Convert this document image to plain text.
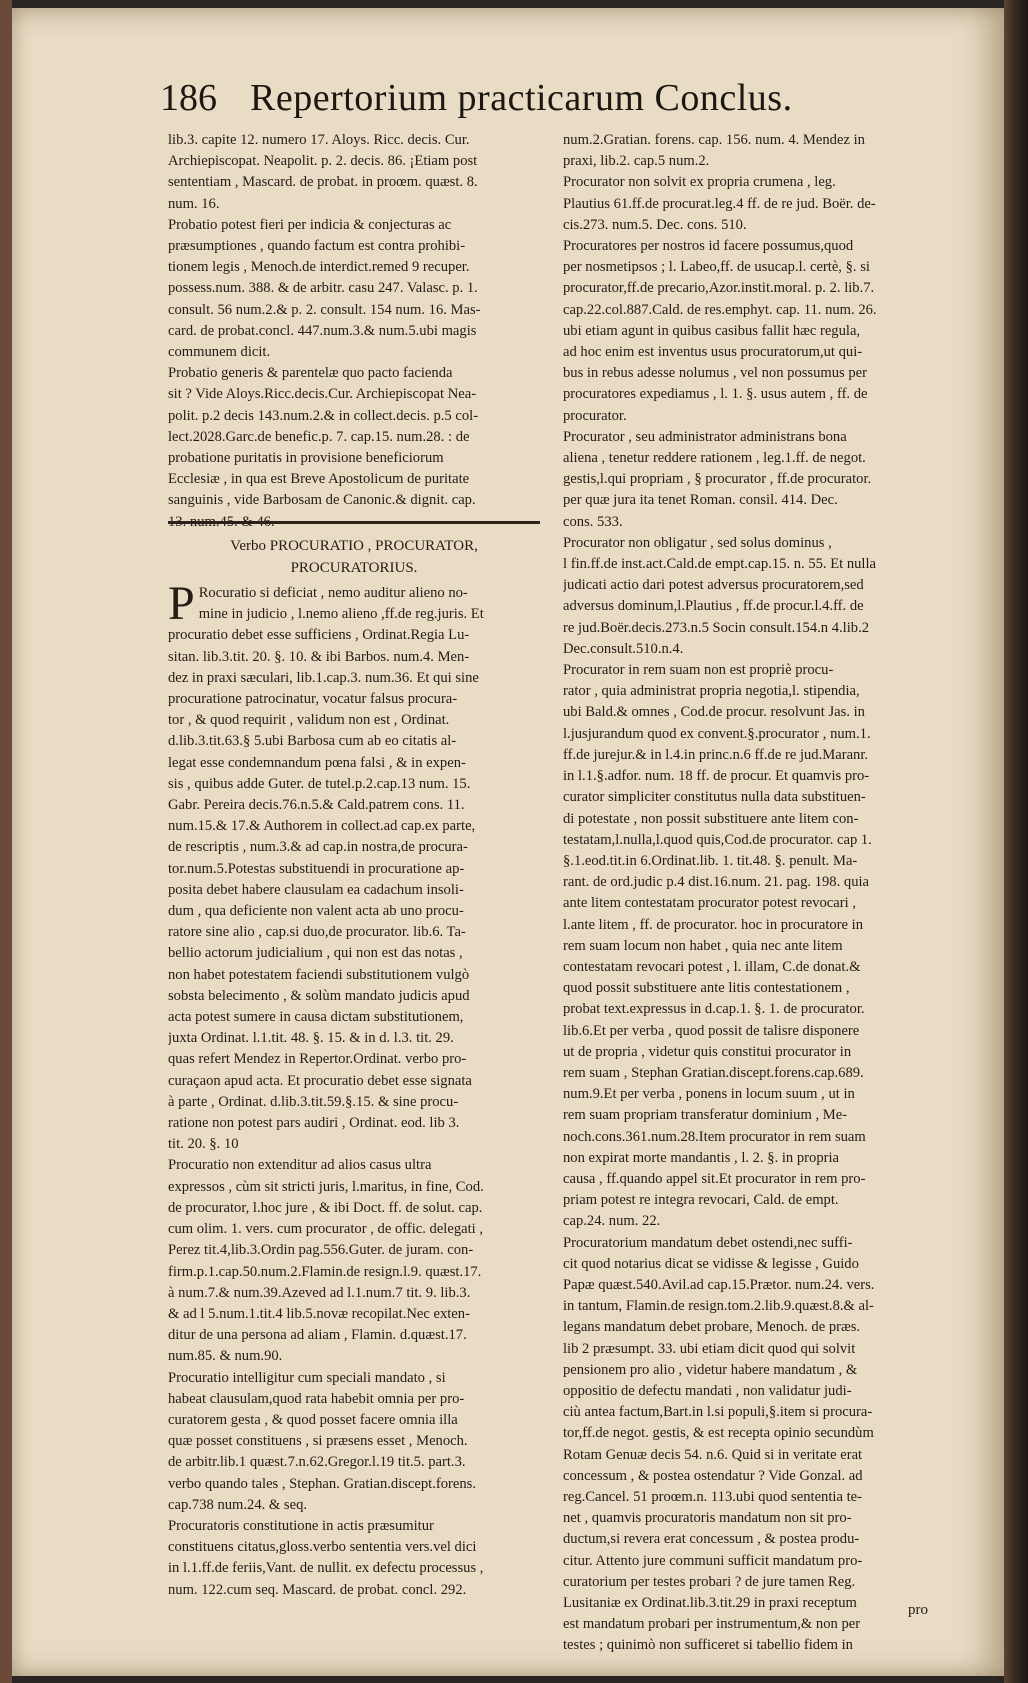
186 Repertorium practicarum Conclus.
lib.3. capite 12. numero 17. Aloys. Ricc. decis. Cur.
Archiepiscopat. Neapolit. p. 2. decis. 86. ¡Etiam post
sententiam , Mascard. de probat. in proœm. quæst. 8.
num. 16.
Probatio potest fieri per indicia & conjecturas ac
præsumptiones , quando factum est contra prohibi-
tionem legis , Menoch.de interdict.remed 9 recuper.
possess.num. 388. & de arbitr. casu 247. Valasc. p. 1.
consult. 56 num.2.& p. 2. consult. 154 num. 16. Mas-
card. de probat.concl. 447.num.3.& num.5.ubi magis
communem dicit.
Probatio generis & parentelæ quo pacto facienda
sit ? Vide Aloys.Ricc.decis.Cur. Archiepiscopat Nea-
polit. p.2 decis 143.num.2.& in collect.decis. p.5 col-
lect.2028.Garc.de benefic.p. 7. cap.15. num.28. : de
probatione puritatis in provisione beneficiorum
Ecclesiæ , in qua est Breve Apostolicum de puritate
sanguinis , vide Barbosam de Canonic.& dignit. cap.
Verbo PROCURATIO , PROCURATOR,
PROCURATORIUS.
P Rocuratio si deficiat , nemo auditur alieno no-
mine in judicio , l.nemo alieno ,ff.de reg.juris. Et
procuratio debet esse sufficiens , Ordinat.Regia Lu-
sitan. lib.3.tit. 20. §. 10. & ibi Barbos. num.4. Men-
dez in praxi sæculari, lib.1.cap.3. num.36. Et qui sine
procuratione patrocinatur, vocatur falsus procura-
tor , & quod requirit , validum non est , Ordinat.
d.lib.3.tit.63.§ 5.ubi Barbosa cum ab eo citatis al-
legat esse condemnandum pœna falsi , & in expen-
sis , quibus adde Guter. de tutel.p.2.cap.13 num. 15.
Gabr. Pereira decis.76.n.5.& Cald.patrem cons. 11.
num.15.& 17.& Authorem in collect.ad cap.ex parte,
de rescriptis , num.3.& ad cap.in nostra,de procura-
tor.num.5.Potestas substituendi in procuratione ap-
posita debet habere clausulam ea cadachum insoli-
dum , qua deficiente non valent acta ab uno procu-
ratore sine alio , cap.si duo,de procurator. lib.6. Ta-
bellio actorum judicialium , qui non est das notas ,
non habet potestatem faciendi substitutionem vulgò
sobsta belecimento , & solùm mandato judicis apud
acta potest sumere in causa dictam substitutionem,
juxta Ordinat. l.1.tit. 48. §. 15. & in d. l.3. tit. 29.
quas refert Mendez in Repertor.Ordinat. verbo pro-
curaçaon apud acta. Et procuratio debet esse signata
à parte , Ordinat. d.lib.3.tit.59.§.15. & sine procu-
ratione non potest pars audiri , Ordinat. eod. lib 3.
tit. 20. §. 10
Procuratio non extenditur ad alios casus ultra
expressos , cùm sit stricti juris, l.maritus, in fine, Cod.
de procurator, l.hoc jure , & ibi Doct. ff. de solut. cap.
cum olim. 1. vers. cum procurator , de offic. delegati ,
Perez tit.4,lib.3.Ordin pag.556.Guter. de juram. con-
firm.p.1.cap.50.num.2.Flamin.de resign.l.9. quæst.17.
à num.7.& num.39.Azeved ad l.1.num.7 tit. 9. lib.3.
& ad l 5.num.1.tit.4 lib.5.novæ recopilat.Nec exten-
ditur de una persona ad aliam , Flamin. d.quæst.17.
num.85. & num.90.
Procuratio intelligitur cum speciali mandato , si
habeat clausulam,quod rata habebit omnia per pro-
curatorem gesta , & quod posset facere omnia illa
quæ posset constituens , si præsens esset , Menoch.
de arbitr.lib.1 quæst.7.n.62.Gregor.l.19 tit.5. part.3.
verbo quando tales , Stephan. Gratian.discept.forens.
cap.738 num.24. & seq.
Procuratoris constitutione in actis præsumitur
constituens citatus,gloss.verbo sententia vers.vel dici
in l.1.ff.de feriis,Vant. de nullit. ex defectu processus ,
num. 122.cum seq. Mascard. de probat. concl. 292.
num.2.Gratian. forens. cap. 156. num. 4. Mendez in
praxi, lib.2. cap.5 num.2.
Procurator non solvit ex propria crumena , leg.
Plautius 61.ff.de procurat.leg.4 ff. de re jud. Boër. de-
cis.273. num.5. Dec. cons. 510.
Procuratores per nostros id facere possumus,quod
per nosmetipsos ; l. Labeo,ff. de usucap.l. certè, §. si
procurator,ff.de precario,Azor.instit.moral. p. 2. lib.7.
cap.22.col.887.Cald. de res.emphyt. cap. 11. num. 26.
ubi etiam agunt in quibus casibus fallit hæc regula,
ad hoc enim est inventus usus procuratorum,ut qui-
bus in rebus adesse nolumus , vel non possumus per
procuratores expediamus , l. 1. §. usus autem , ff. de
procurator.
Procurator , seu administrator administrans bona
aliena , tenetur reddere rationem , leg.1.ff. de negot.
gestis,l.qui propriam , § procurator , ff.de procurator.
per quæ jura ita tenet Roman. consil. 414. Dec.
cons. 533.
Procurator non obligatur , sed solus dominus ,
l fin.ff.de inst.act.Cald.de empt.cap.15. n. 55. Et nulla
judicati actio dari potest adversus procuratorem,sed
adversus dominum,l.Plautius , ff.de procur.l.4.ff. de
re jud.Boër.decis.273.n.5 Socin consult.154.n 4.lib.2
Dec.consult.510.n.4.
Procurator in rem suam non est propriè procu-
rator , quia administrat propria negotia,l. stipendia,
ubi Bald.& omnes , Cod.de procur. resolvunt Jas. in
l.jusjurandum quod ex convent.§.procurator , num.1.
ff.de jurejur.& in l.4.in princ.n.6 ff.de re jud.Maranr.
in l.1.§.adfor. num. 18 ff. de procur. Et quamvis pro-
curator simpliciter constitutus nulla data substituen-
di potestate , non possit substituere ante litem con-
testatam,l.nulla,l.quod quis,Cod.de procurator. cap 1.
§.1.eod.tit.in 6.Ordinat.lib. 1. tit.48. §. penult. Ma-
rant. de ord.judic p.4 dist.16.num. 21. pag. 198. quia
ante litem contestatam procurator potest revocari ,
l.ante litem , ff. de procurator. hoc in procuratore in
rem suam locum non habet , quia nec ante litem
contestatam revocari potest , l. illam, C.de donat.&
quod possit substituere ante litis contestationem ,
probat text.expressus in d.cap.1. §. 1. de procurator.
lib.6.Et per verba , quod possit de talisre disponere
ut de propria , videtur quis constitui procurator in
rem suam , Stephan Gratian.discept.forens.cap.689.
num.9.Et per verba , ponens in locum suum , ut in
rem suam propriam transferatur dominium , Me-
noch.cons.361.num.28.Item procurator in rem suam
non expirat morte mandantis , l. 2. §. in propria
causa , ff.quando appel sit.Et procurator in rem pro-
priam potest re integra revocari, Cald. de empt.
cap.24. num. 22.
Procuratorium mandatum debet ostendi,nec suffi-
cit quod notarius dicat se vidisse & legisse , Guido
Papæ quæst.540.Avil.ad cap.15.Prætor. num.24. vers.
in tantum, Flamin.de resign.tom.2.lib.9.quæst.8.& al-
legans mandatum debet probare, Menoch. de præs.
lib 2 præsumpt. 33. ubi etiam dicit quod qui solvit
pensionem pro alio , videtur habere mandatum , &
oppositio de defectu mandati , non validatur judi-
ciù antea factum,Bart.in l.si populi,§.item si procura-
tor,ff.de negot. gestis, & est recepta opinio secundùm
Rotam Genuæ decis 54. n.6. Quid si in veritate erat
concessum , & postea ostendatur ? Vide Gonzal. ad
reg.Cancel. 51 proœm.n. 113.ubi quod sententia te-
net , quamvis procuratoris mandatum non sit pro-
ductum,si revera erat concessum , & postea produ-
citur. Attento jure communi sufficit mandatum pro-
curatorium per testes probari ? de jure tamen Reg.
Lusitaniæ ex Ordinat.lib.3.tit.29 in praxi receptum
est mandatum probari per instrumentum,& non per
testes ; quinimò non sufficeret si tabellio fidem in
pro
